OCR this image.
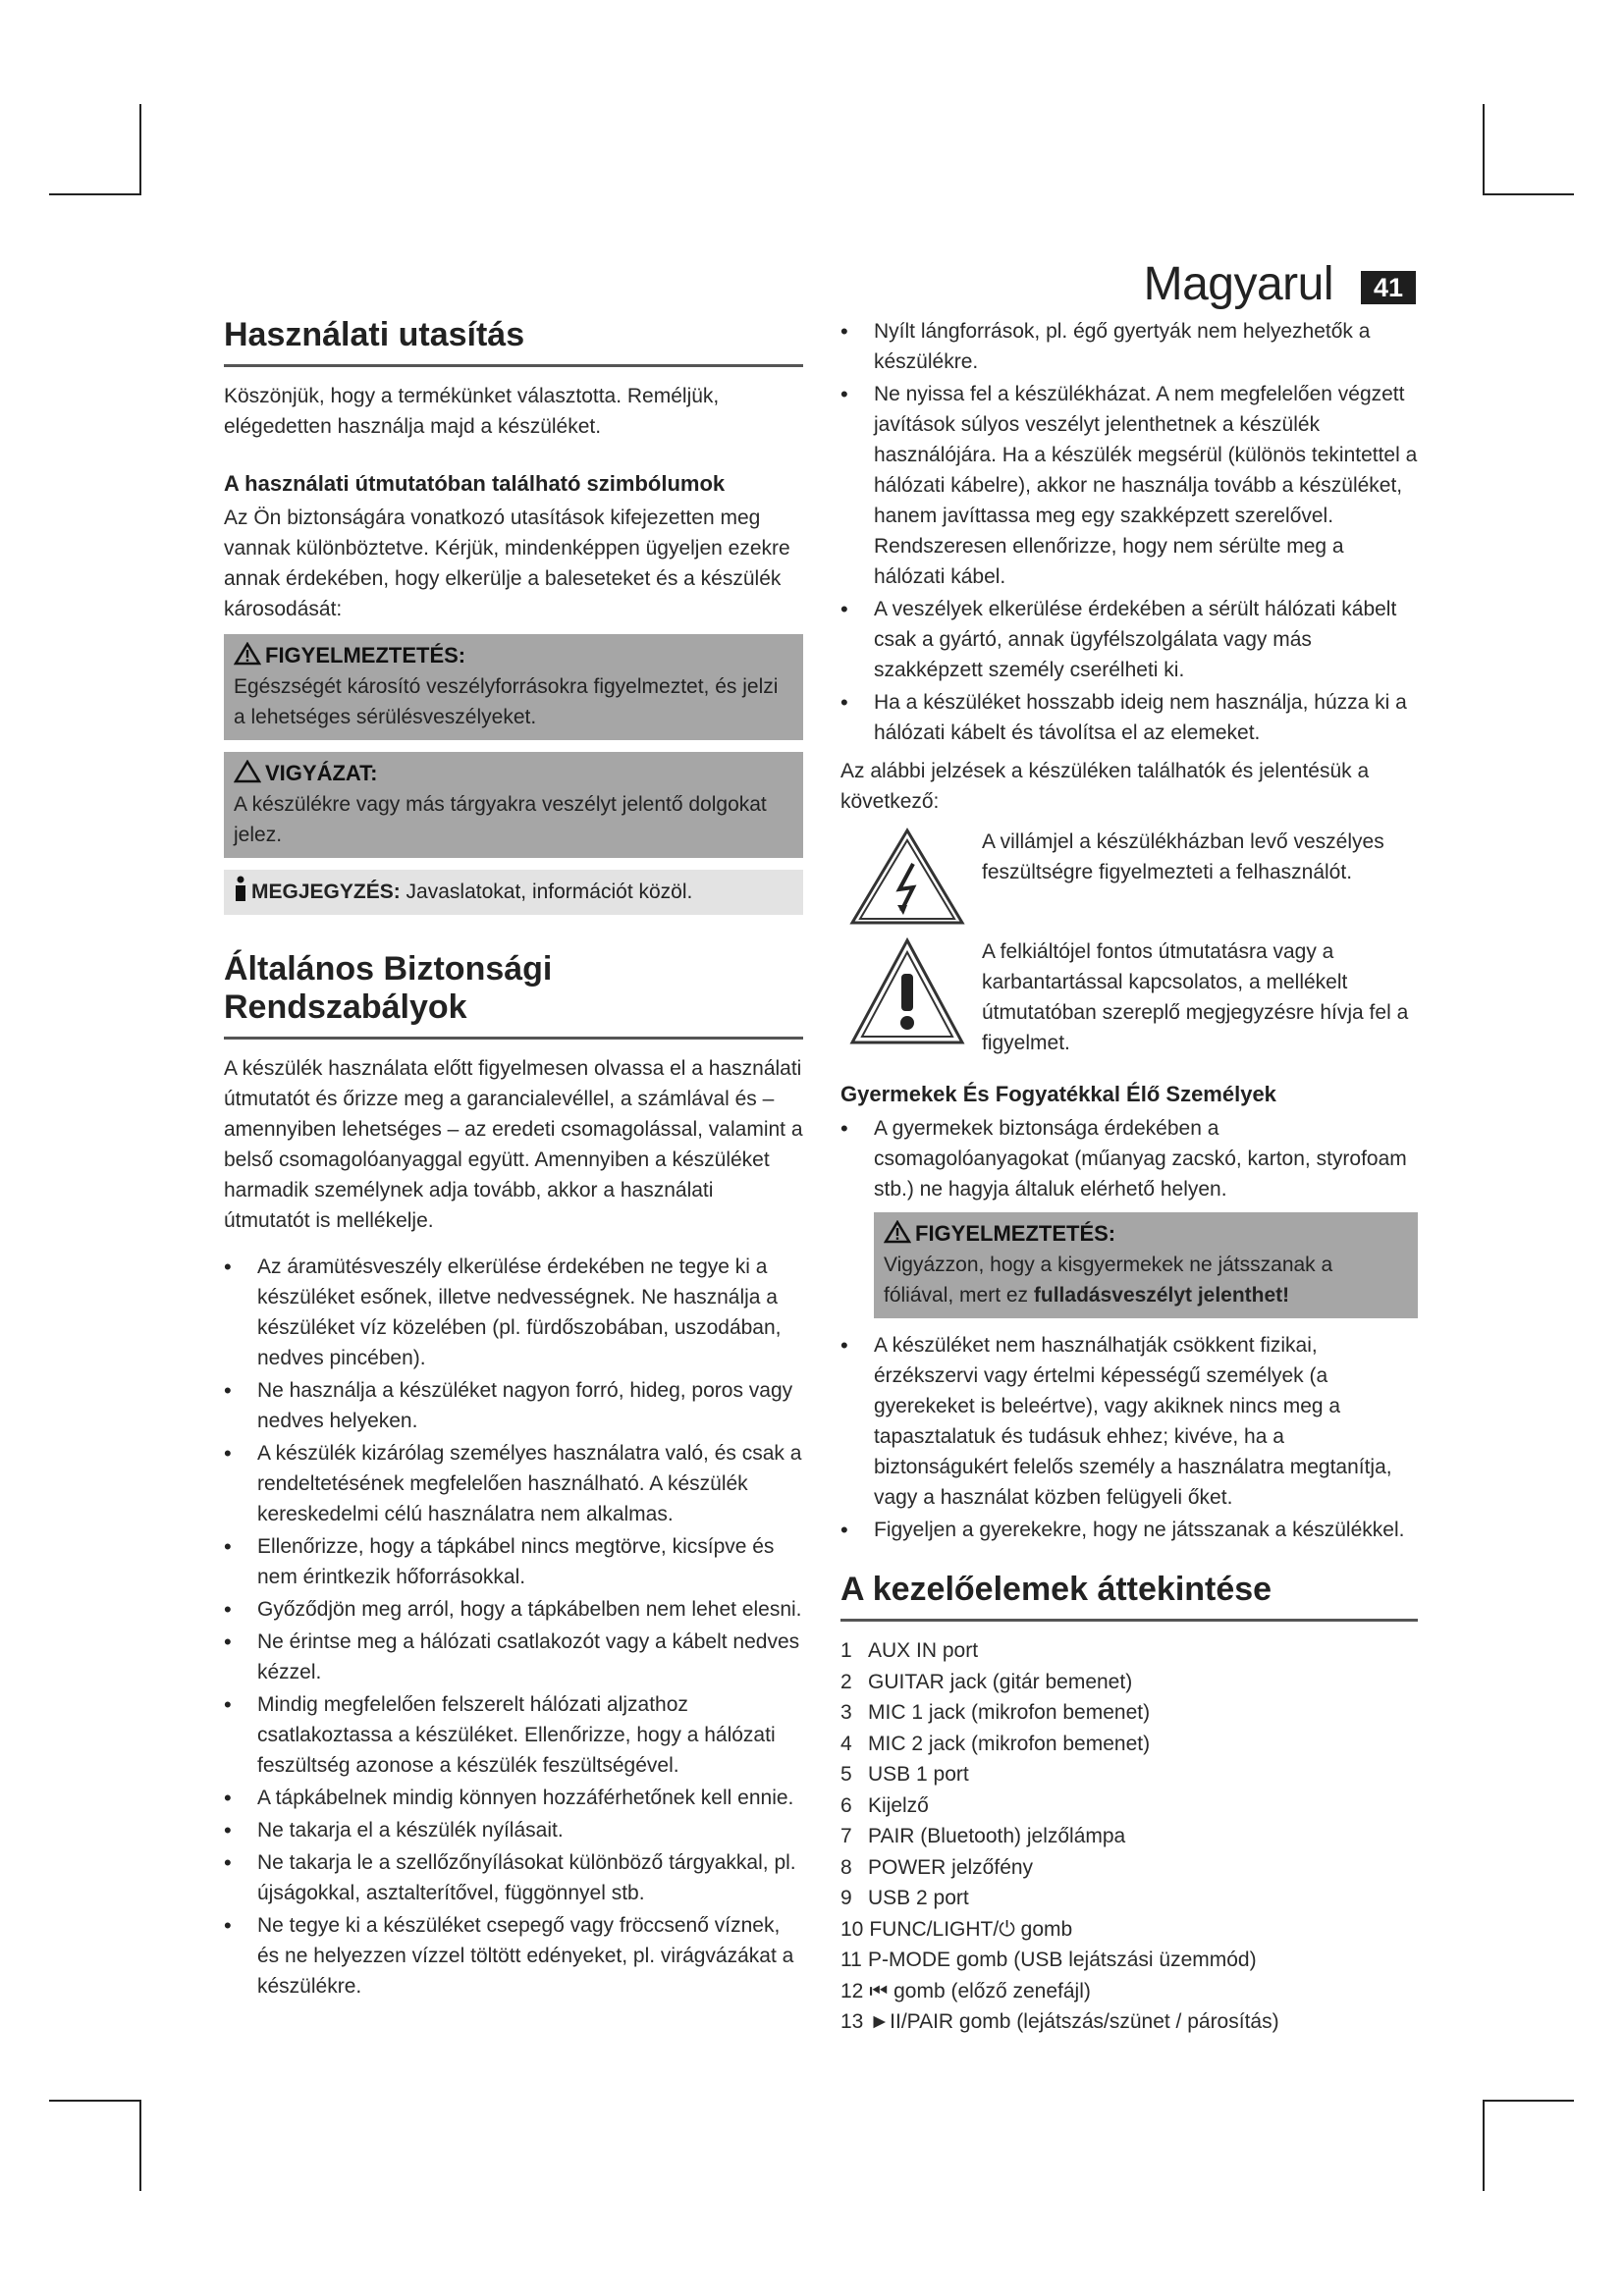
Magyarul	41
Használati utasítás

Köszönjük, hogy a termékünket választotta. Reméljük, elégedetten használja majd a készüléket.

A használati útmutatóban található szimbólumok

Az Ön biztonságára vonatkozó utasítások kifejezetten meg vannak különböztetve. Kérjük, mindenképpen ügyeljen ezekre annak érdekében, hogy elkerülje a baleseteket és a készülék károsodását:

FIGYELMEZTETÉS:

Egészségét károsító veszélyforrásokra figyelmeztet, és jelzi a lehetséges sérülésveszélyeket.

VIGYÁZAT:

A készülékre vagy más tárgyakra veszélyt jelentő dolgokat jelez.

MEGJEGYZÉS: Javaslatokat, információt közöl.
Általános Biztonsági Rendszabályok

A készülék használata előtt figyelmesen olvassa el a használati útmutatót és őrizze meg a garancialevéllel, a számlával és – amennyiben lehetséges – az eredeti csomagolással, valamint a belső csomagolóanyaggal együtt. Amennyiben a készüléket harmadik személynek adja tovább, akkor a használati útmutatót is mellékelje.

• Az áramütésveszély elkerülése érdekében ne tegye ki a készüléket esőnek, illetve nedvességnek. Ne használja a készüléket víz közelében (pl. fürdőszobában, uszodában, nedves pincében).
• Ne használja a készüléket nagyon forró, hideg, poros vagy nedves helyeken.
• A készülék kizárólag személyes használatra való, és csak a rendeltetésének megfelelően használható. A készülék kereskedelmi célú használatra nem alkalmas.
• Ellenőrizze, hogy a tápkábel nincs megtörve, kicsípve és nem érintkezik hőforrásokkal.
• Győződjön meg arról, hogy a tápkábelben nem lehet elesni.
• Ne érintse meg a hálózati csatlakozót vagy a kábelt nedves kézzel.
• Mindig megfelelően felszerelt hálózati aljzathoz csatlakoztassa a készüléket. Ellenőrizze, hogy a hálózati feszültség azonose a készülék feszültségével.
• A tápkábelnek mindig könnyen hozzáférhetőnek kell ennie.
• Ne takarja el a készülék nyílásait.
• Ne takarja le a szellőzőnyílásokat különböző tárgyakkal, pl. újságokkal, asztalterítővel, függönnyel stb.
• Ne tegye ki a készüléket csepegő vagy fröccsenő víznek, és ne helyezzen vízzel töltött edényeket, pl. virágvázákat a készülékre.
• Nyílt lángforrások, pl. égő gyertyák nem helyezhetők a készülékre.
• Ne nyissa fel a készülékházat. A nem megfelelően végzett javítások súlyos veszélyt jelenthetnek a készülék használójára. Ha a készülék megsérül (különös tekintettel a hálózati kábelre), akkor ne használja tovább a készüléket, hanem javíttassa meg egy szakképzett szerelővel. Rendszeresen ellenőrizze, hogy nem sérülte meg a hálózati kábel.
• A veszélyek elkerülése érdekében a sérült hálózati kábelt csak a gyártó, annak ügyfélszolgálata vagy más szakképzett személy cserélheti ki.
• Ha a készüléket hosszabb ideig nem használja, húzza ki a hálózati kábelt és távolítsa el az elemeket.

Az alábbi jelzések a készüléken találhatók és jelentésük a következő:

A villámjel a készülékházban levő veszélyes feszültségre figyelmezteti a felhasználót.

A felkiáltójel fontos útmutatásra vagy a karbantartással kapcsolatos, a mellékelt útmutatóban szereplő megjegyzésre hívja fel a figyelmet.

Gyermekek És Fogyatékkal Élő Személyek
• A gyermekek biztonsága érdekében a csomagolóanyagokat (műanyag zacskó, karton, styrofoam stb.) ne hagyja általuk elérhető helyen.
FIGYELMEZTETÉS:

Vigyázzon, hogy a kisgyermekek ne játsszanak a fóliával, mert ez fulladásveszélyt jelenthet!

• A készüléket nem használhatják csökkent fizikai, érzékszervi vagy értelmi képességű személyek (a gyerekeket is beleértve), vagy akiknek nincs meg a tapasztalatuk és tudásuk ehhez; kivéve, ha a biztonságukért felelős személy a használatra megtanítja, vagy a használat közben felügyeli őket.
• Figyeljen a gyerekekre, hogy ne játsszanak a készülékkel.
A kezelőelemek áttekintése
1 AUX IN port
2 GUITAR jack (gitár bemenet)
3 MIC 1 jack (mikrofon bemenet)
4 MIC 2 jack (mikrofon bemenet)
5 USB 1 port
6 Kijelző
7 PAIR (Bluetooth) jelzőlámpa
8 POWER jelzőfény
9 USB 2 port
10 FUNC/LIGHT/⏻ gomb
11 P-MODE gomb (USB lejátszási üzemmód)
12 ⏮ gomb (előző zenefájl)
13 ►II/PAIR gomb (lejátszás/szünet / párosítás)
